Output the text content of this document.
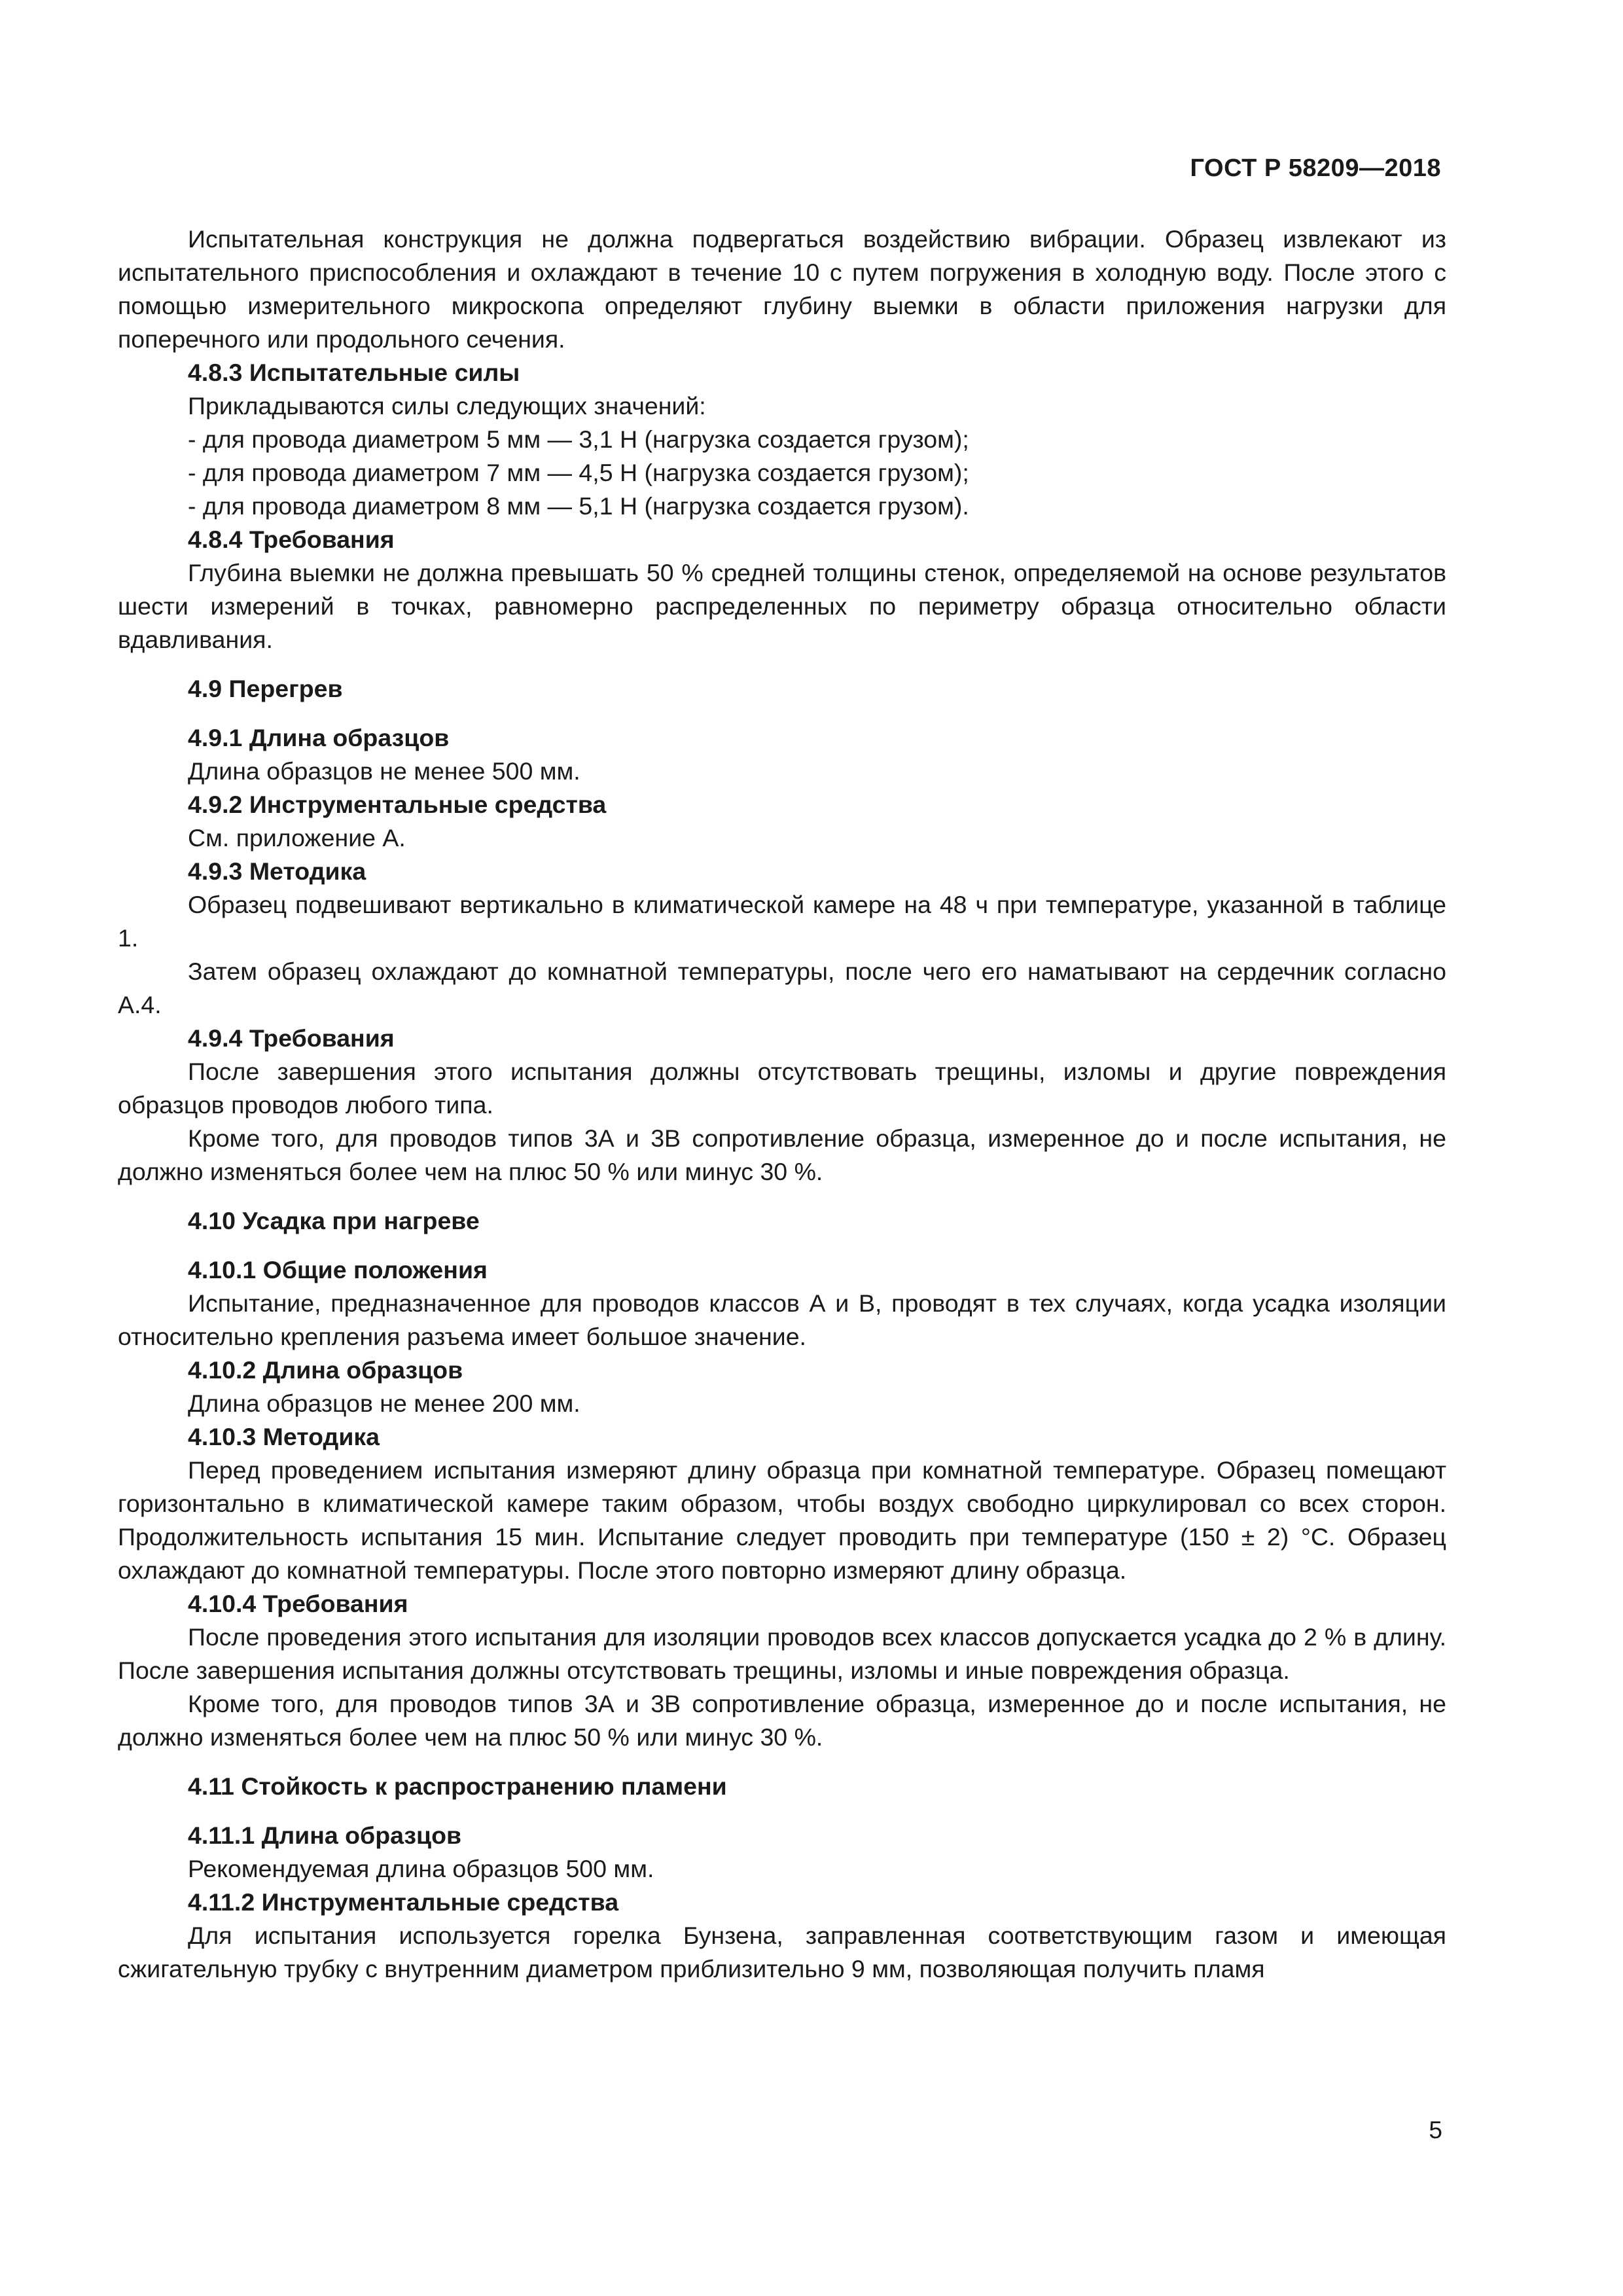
ГОСТ Р 58209—2018

Испытательная конструкция не должна подвергаться воздействию вибрации. Образец извлекают из испытательного приспособления и охлаждают в течение 10 с путем погружения в холодную воду. После этого с помощью измерительного микроскопа определяют глубину выемки в области приложения нагрузки для поперечного или продольного сечения.

4.8.3 Испытательные силы

Прикладываются силы следующих значений:

- для провода диаметром 5 мм — 3,1 Н (нагрузка создается грузом);

- для провода диаметром 7 мм — 4,5 Н (нагрузка создается грузом);

- для провода диаметром 8 мм — 5,1 Н (нагрузка создается грузом).

4.8.4 Требования

Глубина выемки не должна превышать 50 % средней толщины стенок, определяемой на основе результатов шести измерений в точках, равномерно распределенных по периметру образца относительно области вдавливания.

4.9 Перегрев

4.9.1 Длина образцов

Длина образцов не менее 500 мм.

4.9.2 Инструментальные средства

См. приложение А.

4.9.3 Методика

Образец подвешивают вертикально в климатической камере на 48 ч при температуре, указанной в таблице 1.

Затем образец охлаждают до комнатной температуры, после чего его наматывают на сердечник согласно А.4.

4.9.4 Требования

После завершения этого испытания должны отсутствовать трещины, изломы и другие повреждения образцов проводов любого типа.

Кроме того, для проводов типов 3А и 3В сопротивление образца, измеренное до и после испытания, не должно изменяться более чем на плюс 50 % или минус 30 %.

4.10 Усадка при нагреве

4.10.1 Общие положения

Испытание, предназначенное для проводов классов А и В, проводят в тех случаях, когда усадка изоляции относительно крепления разъема имеет большое значение.

4.10.2 Длина образцов

Длина образцов не менее 200 мм.

4.10.3 Методика

Перед проведением испытания измеряют длину образца при комнатной температуре. Образец помещают горизонтально в климатической камере таким образом, чтобы воздух свободно циркулировал со всех сторон. Продолжительность испытания 15 мин. Испытание следует проводить при температуре (150 ± 2) °С. Образец охлаждают до комнатной температуры. После этого повторно измеряют длину образца.

4.10.4 Требования

После проведения этого испытания для изоляции проводов всех классов допускается усадка до 2 % в длину. После завершения испытания должны отсутствовать трещины, изломы и иные повреждения образца.

Кроме того, для проводов типов 3А и 3В сопротивление образца, измеренное до и после испытания, не должно изменяться более чем на плюс 50 % или минус 30 %.

4.11 Стойкость к распространению пламени

4.11.1 Длина образцов

Рекомендуемая длина образцов 500 мм.

4.11.2 Инструментальные средства

Для испытания используется горелка Бунзена, заправленная соответствующим газом и имеющая сжигательную трубку с внутренним диаметром приблизительно 9 мм, позволяющая получить пламя

5
